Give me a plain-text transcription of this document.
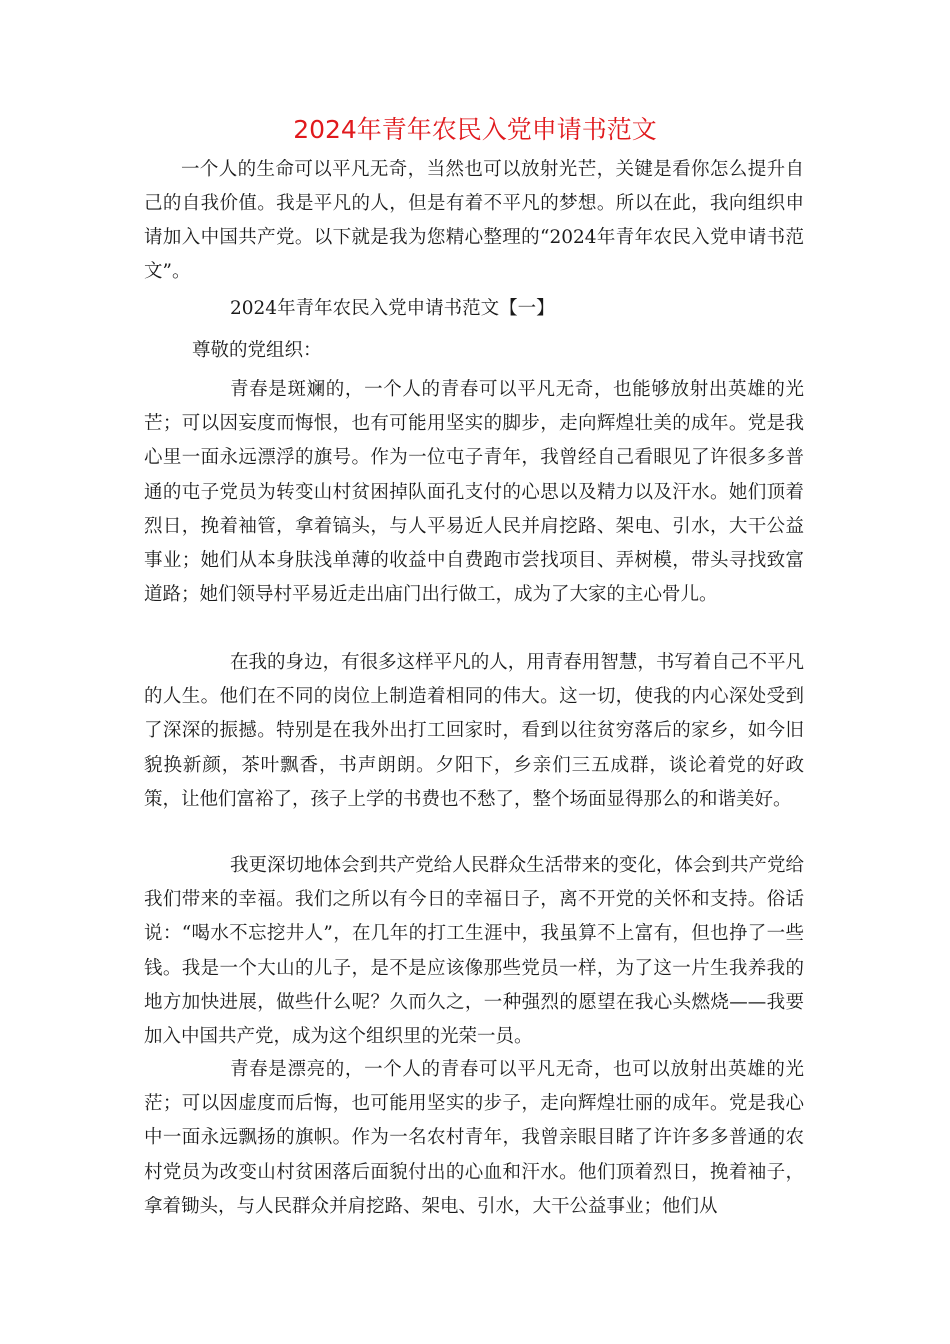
2024年青年农民入党申请书范文

一个人的生命可以平凡无奇，当然也可以放射光芒，关键是看你怎么提升自己的自我价值。我是平凡的人，但是有着不平凡的梦想。所以在此，我向组织申请加入中国共产党。以下就是我为您精心整理的“2024年青年农民入党申请书范文”。

2024年青年农民入党申请书范文【一】

尊敬的党组织：

青春是斑斓的，一个人的青春可以平凡无奇，也能够放射出英雄的光芒；可以因妄度而悔恨，也有可能用坚实的脚步，走向辉煌壮美的成年。党是我心里一面永远漂浮的旗号。作为一位屯子青年，我曾经自己看眼见了许很多多普通的屯子党员为转变山村贫困掉队面孔支付的心思以及精力以及汗水。她们顶着烈日，挽着袖管，拿着镐头，与人平易近人民并肩挖路、架电、引水，大干公益事业；她们从本身肤浅单薄的收益中自费跑市尝找项目、弄树模，带头寻找致富道路；她们领导村平易近走出庙门出行做工，成为了大家的主心骨儿。

在我的身边，有很多这样平凡的人，用青春用智慧，书写着自己不平凡的人生。他们在不同的岗位上制造着相同的伟大。这一切，使我的内心深处受到了深深的振撼。特别是在我外出打工回家时，看到以往贫穷落后的家乡，如今旧貌换新颜，茶叶飘香，书声朗朗。夕阳下，乡亲们三五成群，谈论着党的好政策，让他们富裕了，孩子上学的书费也不愁了，整个场面显得那么的和谐美好。

我更深切地体会到共产党给人民群众生活带来的变化，体会到共产党给我们带来的幸福。我们之所以有今日的幸福日子，离不开党的关怀和支持。俗话说：“喝水不忘挖井人”，在几年的打工生涯中，我虽算不上富有，但也挣了一些钱。我是一个大山的儿子，是不是应该像那些党员一样，为了这一片生我养我的地方加快进展，做些什么呢？久而久之，一种强烈的愿望在我心头燃烧——我要加入中国共产党，成为这个组织里的光荣一员。

青春是漂亮的，一个人的青春可以平凡无奇，也可以放射出英雄的光茫；可以因虚度而后悔，也可能用坚实的步子，走向辉煌壮丽的成年。党是我心中一面永远飘扬的旗帜。作为一名农村青年，我曾亲眼目睹了许许多多普通的农村党员为改变山村贫困落后面貌付出的心血和汗水。他们顶着烈日，挽着袖子，拿着锄头，与人民群众并肩挖路、架电、引水，大干公益事业；他们从
